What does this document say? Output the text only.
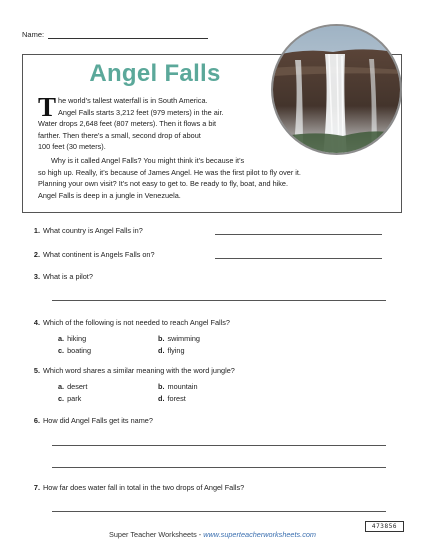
Name:
Angel Falls
T he world’s tallest waterfall is in South America.

Angel Falls starts 3,212 feet (979 meters) in the air.

Water drops 2,648 feet (807 meters). Then it flows a bit

farther. Then there’s a small, second drop of about

100 feet (30 meters).

Why is it called Angel Falls? You might think it’s because it’s

so high up. Really, it’s because of James Angel. He was the first pilot to fly over it.

Planning your own visit? It’s not easy to get to. Be ready to fly, boat, and hike.

Angel Falls is deep in a jungle in Venezuela.

1. What country is Angel Falls in?
2. What continent is Angels Falls on?
3. What is a pilot?
4. Which of the following is not needed to reach Angel Falls?
a. hiking	b. swimming
c. boating	d. flying
5. Which word shares a similar meaning with the word jungle?
a. desert	b. mountain
c. park	d. forest
6. How did Angel Falls get its name?
7. How far does water fall in total in the two drops of Angel Falls?
473856
Super Teacher Worksheets - www.superteacherworksheets.com
